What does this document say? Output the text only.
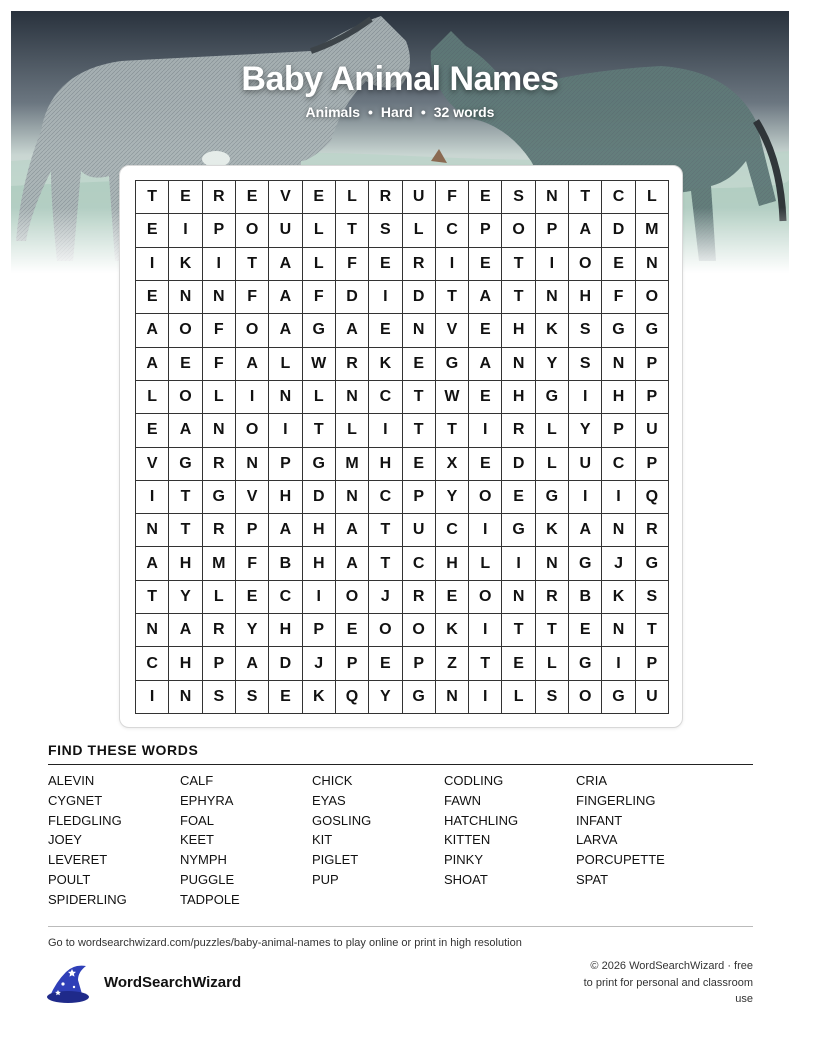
Baby Animal Names
Animals • Hard • 32 words
T	E	R	E	V	E	L	R	U	F	E	S	N	T	C	L
E	I	P	O	U	L	T	S	L	C	P	O	P	A	D	M
I	K	I	T	A	L	F	E	R	I	E	T	I	O	E	N
E	N	N	F	A	F	D	I	D	T	A	T	N	H	F	O
A	O	F	O	A	G	A	E	N	V	E	H	K	S	G	G
A	E	F	A	L	W	R	K	E	G	A	N	Y	S	N	P
L	O	L	I	N	L	N	C	T	W	E	H	G	I	H	P
E	A	N	O	I	T	L	I	T	T	I	R	L	Y	P	U
V	G	R	N	P	G	M	H	E	X	E	D	L	U	C	P
I	T	G	V	H	D	N	C	P	Y	O	E	G	I	I	Q
N	T	R	P	A	H	A	T	U	C	I	G	K	A	N	R
A	H	M	F	B	H	A	T	C	H	L	I	N	G	J	G
T	Y	L	E	C	I	O	J	R	E	O	N	R	B	K	S
N	A	R	Y	H	P	E	O	O	K	I	T	T	E	N	T
C	H	P	A	D	J	P	E	P	Z	T	E	L	G	I	P
I	N	S	S	E	K	Q	Y	G	N	I	L	S	O	G	U
FIND THESE WORDS
ALEVIN	CALF	CHICK	CODLING	CRIA
CYGNET	EPHYRA	EYAS	FAWN	FINGERLING
FLEDGLING	FOAL	GOSLING	HATCHLING	INFANT
JOEY	KEET	KIT	KITTEN	LARVA
LEVERET	NYMPH	PIGLET	PINKY	PORCUPETTE
POULT	PUGGLE	PUP	SHOAT	SPAT
SPIDERLING	TADPOLE
Go to wordsearchwizard.com/puzzles/baby-animal-names to play online or print in high resolution
WordSearchWizard
© 2026 WordSearchWizard · free to print for personal and classroom use
